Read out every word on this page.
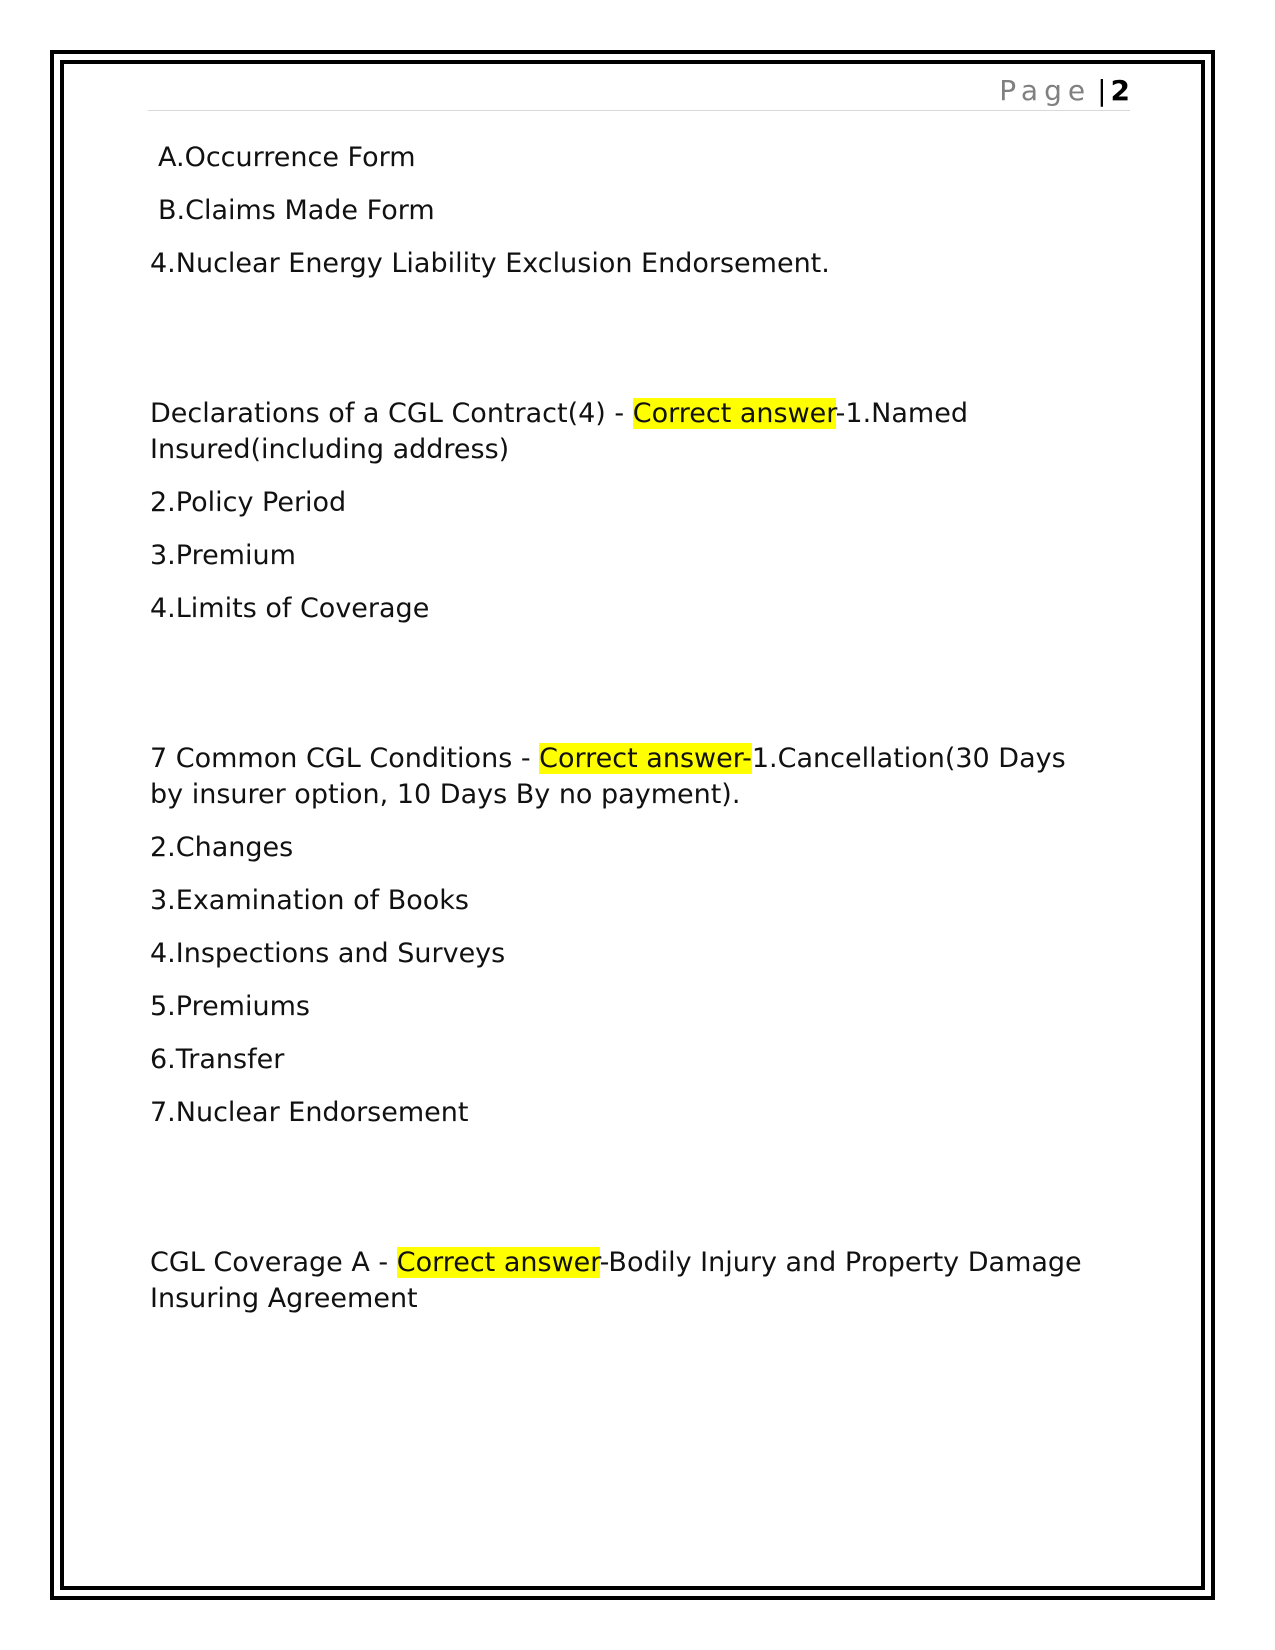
Page | 2
A.Occurrence Form
B.Claims Made Form
4.Nuclear Energy Liability Exclusion Endorsement.
Declarations of a CGL Contract(4) - Correct answer-1.Named Insured(including address)
2.Policy Period
3.Premium
4.Limits of Coverage
7 Common CGL Conditions - Correct answer-1.Cancellation(30 Days by insurer option, 10 Days By no payment).
2.Changes
3.Examination of Books
4.Inspections and Surveys
5.Premiums
6.Transfer
7.Nuclear Endorsement
CGL Coverage A - Correct answer-Bodily Injury and Property Damage Insuring Agreement
